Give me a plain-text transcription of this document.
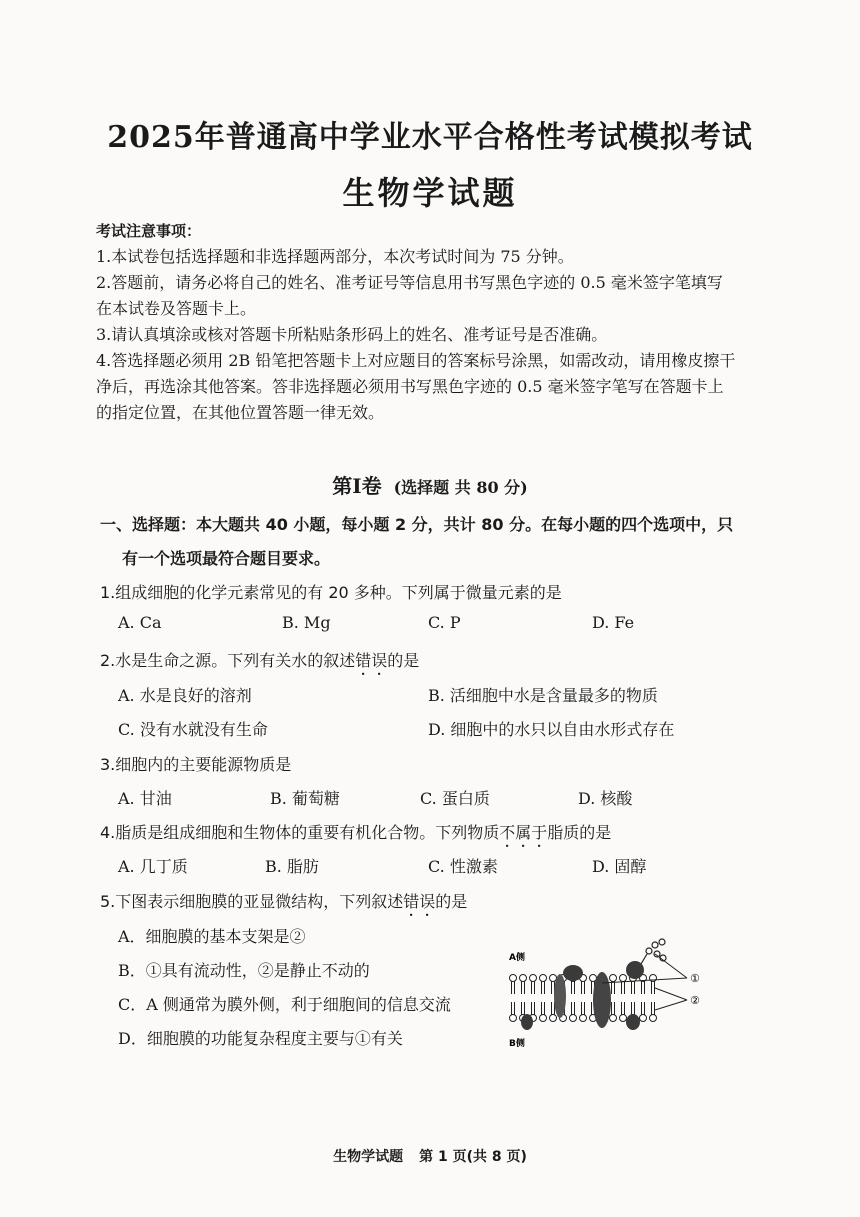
2025年普通高中学业水平合格性考试模拟考试
生物学试题

考试注意事项：

1.本试卷包括选择题和非选择题两部分，本次考试时间为 75 分钟。

2.答题前，请务必将自己的姓名、准考证号等信息用书写黑色字迹的 0.5 毫米签字笔填写

在本试卷及答题卡上。

3.请认真填涂或核对答题卡所粘贴条形码上的姓名、准考证号是否准确。

4.答选择题必须用 2B 铅笔把答题卡上对应题目的答案标号涂黑，如需改动，请用橡皮擦干

净后，再选涂其他答案。答非选择题必须用书写黑色字迹的 0.5 毫米签字笔写在答题卡上

的指定位置，在其他位置答题一律无效。

第Ⅰ卷 (选择题 共 80 分)
一、选择题：本大题共 40 小题，每小题 2 分，共计 80 分。在每小题的四个选项中，只
有一个选项最符合题目要求。
1.组成细胞的化学元素常见的有 20 多种。下列属于微量元素的是
A. Ca	B. Mg	C. P	D. Fe
2.水是生命之源。下列有关水的叙述错误的是
A. 水是良好的溶剂	B. 活细胞中水是含量最多的物质
C. 没有水就没有生命	D. 细胞中的水只以自由水形式存在
3.细胞内的主要能源物质是
A. 甘油	B. 葡萄糖	C. 蛋白质	D. 核酸
4.脂质是组成细胞和生物体的重要有机化合物。下列物质不属于脂质的是
A. 几丁质	B. 脂肪	C. 性激素	D. 固醇
5.下图表示细胞膜的亚显微结构，下列叙述错误的是
A．细胞膜的基本支架是②
B．①具有流动性，②是静止不动的
C．A 侧通常为膜外侧，利于细胞间的信息交流
D．细胞膜的功能复杂程度主要与①有关
A侧
B侧
①
②
生物学试题 第 1 页(共 8 页)
